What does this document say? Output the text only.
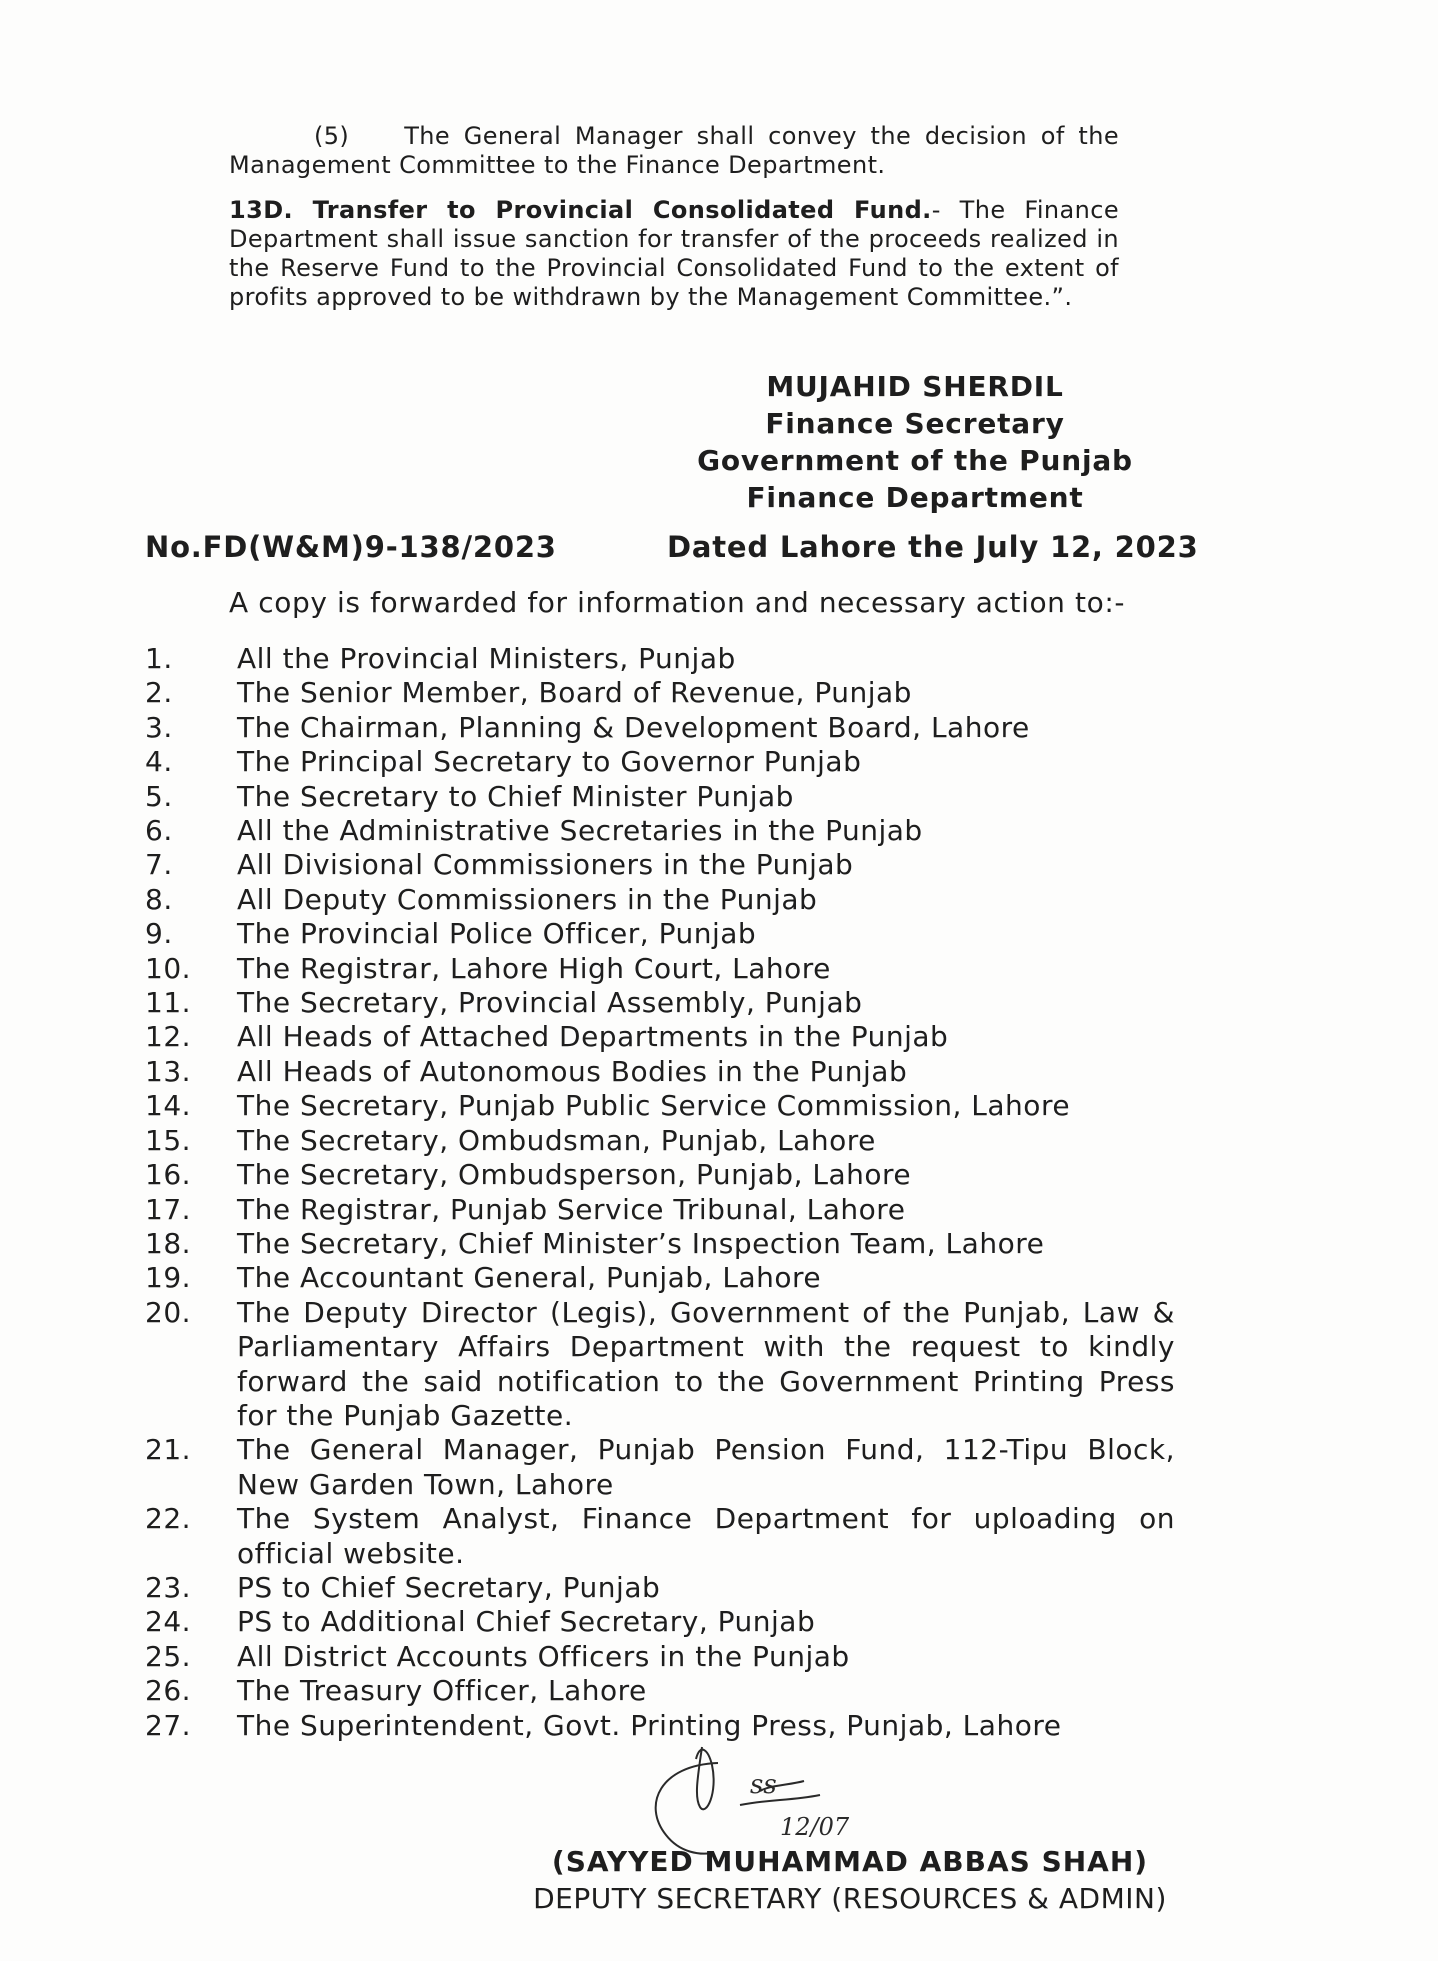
(5) The General Manager shall convey the decision of the Management Committee to the Finance Department.

13D. Transfer to Provincial Consolidated Fund.- The Finance Department shall issue sanction for transfer of the proceeds realized in the Reserve Fund to the Provincial Consolidated Fund to the extent of profits approved to be withdrawn by the Management Committee.”.

MUJAHID SHERDIL
Finance Secretary
Government of the Punjab
Finance Department
No.FD(W&M)9-138/2023	Dated Lahore the July 12, 2023
A copy is forwarded for information and necessary action to:-
1. All the Provincial Ministers, Punjab
2. The Senior Member, Board of Revenue, Punjab
3. The Chairman, Planning & Development Board, Lahore
4. The Principal Secretary to Governor Punjab
5. The Secretary to Chief Minister Punjab
6. All the Administrative Secretaries in the Punjab
7. All Divisional Commissioners in the Punjab
8. All Deputy Commissioners in the Punjab
9. The Provincial Police Officer, Punjab
10. The Registrar, Lahore High Court, Lahore
11. The Secretary, Provincial Assembly, Punjab
12. All Heads of Attached Departments in the Punjab
13. All Heads of Autonomous Bodies in the Punjab
14. The Secretary, Punjab Public Service Commission, Lahore
15. The Secretary, Ombudsman, Punjab, Lahore
16. The Secretary, Ombudsperson, Punjab, Lahore
17. The Registrar, Punjab Service Tribunal, Lahore
18. The Secretary, Chief Minister’s Inspection Team, Lahore
19. The Accountant General, Punjab, Lahore
20. The Deputy Director (Legis), Government of the Punjab, Law & Parliamentary Affairs Department with the request to kindly forward the said notification to the Government Printing Press for the Punjab Gazette.
21. The General Manager, Punjab Pension Fund, 112-Tipu Block, New Garden Town, Lahore
22. The System Analyst, Finance Department for uploading on official website.
23. PS to Chief Secretary, Punjab
24. PS to Additional Chief Secretary, Punjab
25. All District Accounts Officers in the Punjab
26. The Treasury Officer, Lahore
27. The Superintendent, Govt. Printing Press, Punjab, Lahore
ss
12/07
(SAYYED MUHAMMAD ABBAS SHAH)
DEPUTY SECRETARY (RESOURCES & ADMIN)
